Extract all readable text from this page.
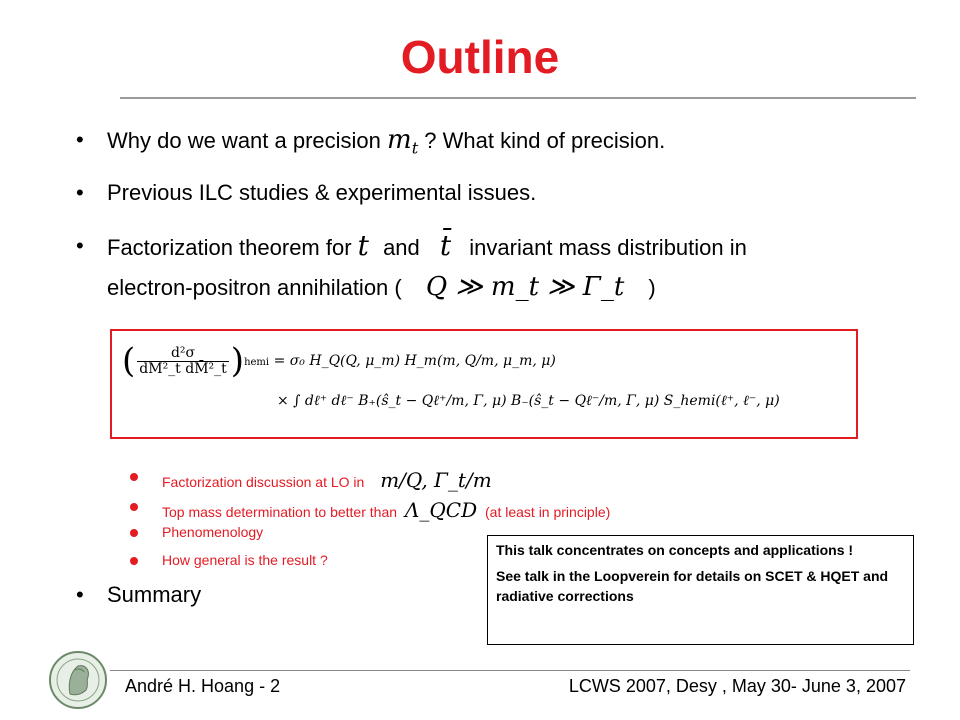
Outline
• Why do we want a precision $m_t$ ? What kind of precision.
• Previous ILC studies & experimental issues.
• Factorization theorem for t and t̄ invariant mass distribution in
electron-positron annihilation ( Q ≫ m_t ≫ Γ_t )
( $\frac{\text{d²σ}}{\text{dM²\_t dM̄²\_t}}$ )hemi = σ₀ H_Q(Q, μ_m) H_m(m, Q/m, μ_m, μ)
× ∫ dℓ⁺ dℓ⁻ B₊(ŝ_t − Qℓ⁺/m, Γ, μ) B₋(ŝ_t − Qℓ⁻/m, Γ, μ) S_hemi(ℓ⁺, ℓ⁻, μ)
Factorization discussion at LO in m/Q, Γ_t/m
Top mass determination to better than Λ_QCD (at least in principle)
Phenomenology
How general is the result ?
• Summary

This talk concentrates on concepts and applications !

See talk in the Loopverein for details on SCET & HQET and radiative corrections

André H. Hoang - 2	LCWS 2007, Desy , May 30- June 3, 2007
